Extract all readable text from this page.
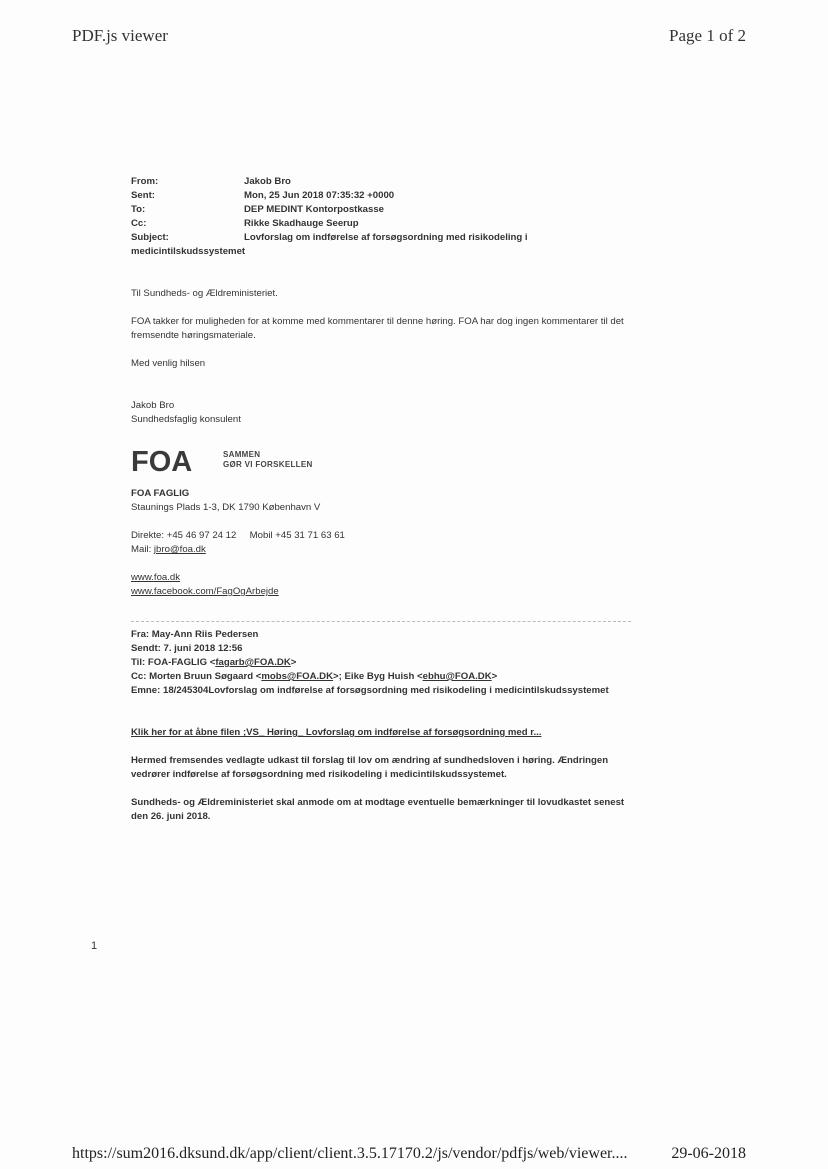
PDF.js viewer	Page 1 of 2
From:	Jakob Bro
Sent:	Mon, 25 Jun 2018 07:35:32 +0000
To:	DEP MEDINT Kontorpostkasse
Cc:	Rikke Skadhauge Seerup
Subject:	Lovforslag om indførelse af forsøgsordning med risikodeling i
medicintilskudssystemet

Til Sundheds- og Ældreministeriet.

FOA takker for muligheden for at komme med kommentarer til denne høring. FOA har dog ingen kommentarer til det fremsendte høringsmateriale.

Med venlig hilsen

Jakob Bro

Sundhedsfaglig konsulent

FOA	SAMMEN
GØR VI FORSKELLEN

FOA FAGLIG

Staunings Plads 1-3, DK 1790 København V

Direkte: +45 46 97 24 12     Mobil +45 31 71 63 61

Mail: jbro@foa.dk

www.foa.dk

www.facebook.com/FagOgArbejde

Fra: May-Ann Riis Pedersen

Sendt: 7. juni 2018 12:56

Til: FOA-FAGLIG <fagarb@FOA.DK>

Cc: Morten Bruun Søgaard <mobs@FOA.DK>; Eike Byg Huish <ebhu@FOA.DK>

Emne: 18/245304Lovforslag om indførelse af forsøgsordning med risikodeling i medicintilskudssystemet

Klik her for at åbne filen ;VS_ Høring_ Lovforslag om indførelse af forsøgsordning med r...

Hermed fremsendes vedlagte udkast til forslag til lov om ændring af sundhedsloven i høring. Ændringen vedrører indførelse af forsøgsordning med risikodeling i medicintilskudssystemet.

Sundheds- og Ældreministeriet skal anmode om at modtage eventuelle bemærkninger til lovudkastet senest den 26. juni 2018.

1
https://sum2016.dksund.dk/app/client/client.3.5.17170.2/js/vendor/pdfjs/web/viewer....	29-06-2018
